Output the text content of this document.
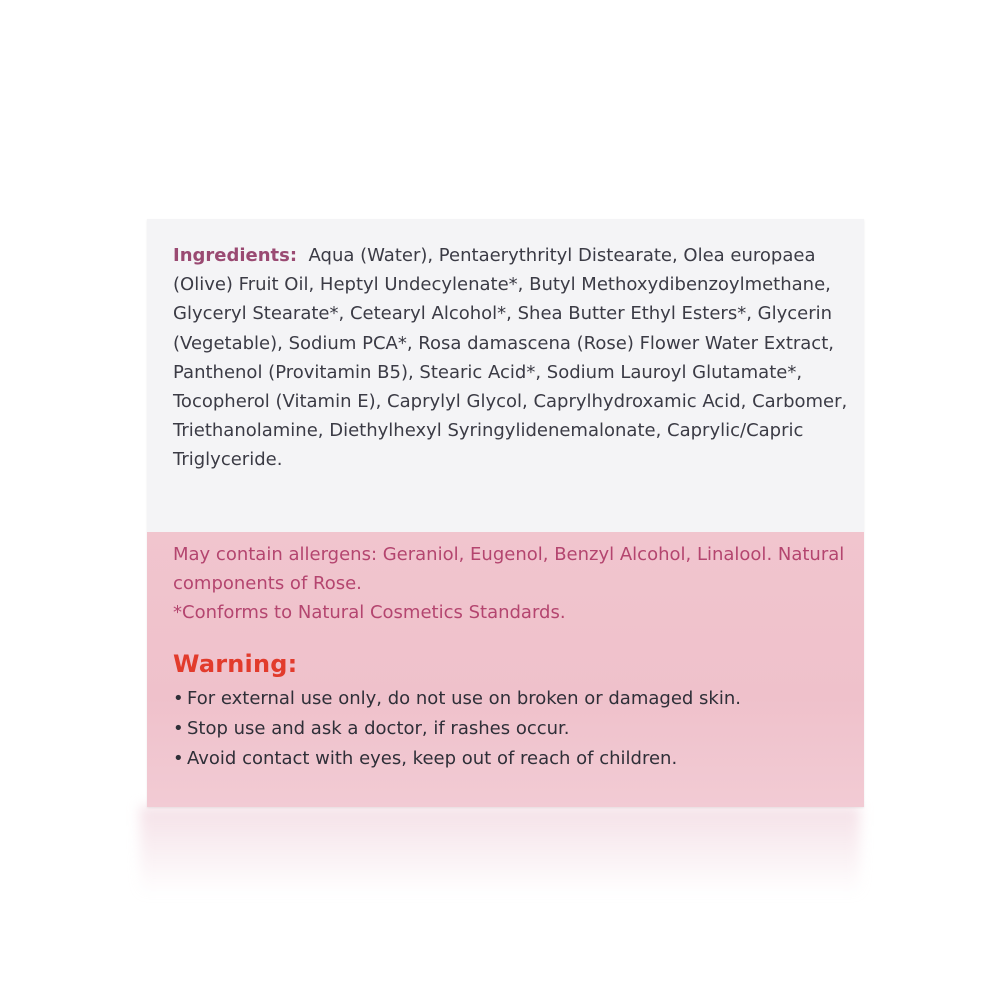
Ingredients: Aqua (Water), Pentaerythrityl Distearate, Olea europaea (Olive) Fruit Oil, Heptyl Undecylenate*, Butyl Methoxydibenzoylmethane, Glyceryl Stearate*, Cetearyl Alcohol*, Shea Butter Ethyl Esters*, Glycerin (Vegetable), Sodium PCA*, Rosa damascena (Rose) Flower Water Extract, Panthenol (Provitamin B5), Stearic Acid*, Sodium Lauroyl Glutamate*, Tocopherol (Vitamin E), Caprylyl Glycol, Caprylhydroxamic Acid, Carbomer, Triethanolamine, Diethylhexyl Syringylidenemalonate, Caprylic/Capric Triglyceride.

May contain allergens: Geraniol, Eugenol, Benzyl Alcohol, Linalool. Natural components of Rose.

*Conforms to Natural Cosmetics Standards.

Warning:
• For external use only, do not use on broken or damaged skin.
• Stop use and ask a doctor, if rashes occur.
• Avoid contact with eyes, keep out of reach of children.
